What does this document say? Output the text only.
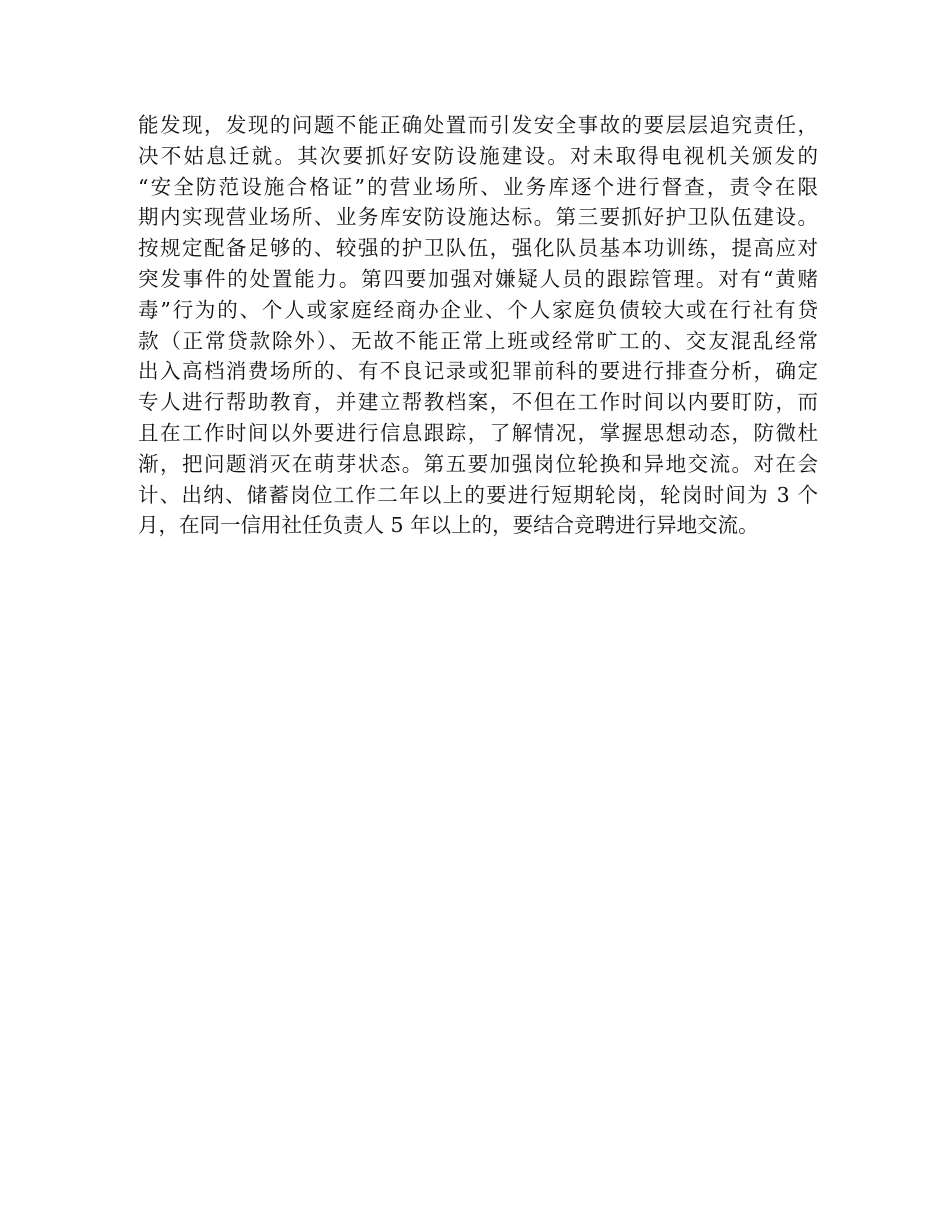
能发现，发现的问题不能正确处置而引发安全事故的要层层追究责任，
决不姑息迁就。其次要抓好安防设施建设。对未取得电视机关颁发的
“安全防范设施合格证”的营业场所、业务库逐个进行督查，责令在限
期内实现营业场所、业务库安防设施达标。第三要抓好护卫队伍建设。
按规定配备足够的、较强的护卫队伍，强化队员基本功训练，提高应对
突发事件的处置能力。第四要加强对嫌疑人员的跟踪管理。对有“黄赌
毒”行为的、个人或家庭经商办企业、个人家庭负债较大或在行社有贷
款（正常贷款除外）、无故不能正常上班或经常旷工的、交友混乱经常
出入高档消费场所的、有不良记录或犯罪前科的要进行排查分析，确定
专人进行帮助教育，并建立帮教档案，不但在工作时间以内要盯防，而
且在工作时间以外要进行信息跟踪，了解情况，掌握思想动态，防微杜
渐，把问题消灭在萌芽状态。第五要加强岗位轮换和异地交流。对在会
计、出纳、储蓄岗位工作二年以上的要进行短期轮岗，轮岗时间为 3 个
月，在同一信用社任负责人 5 年以上的，要结合竞聘进行异地交流。
